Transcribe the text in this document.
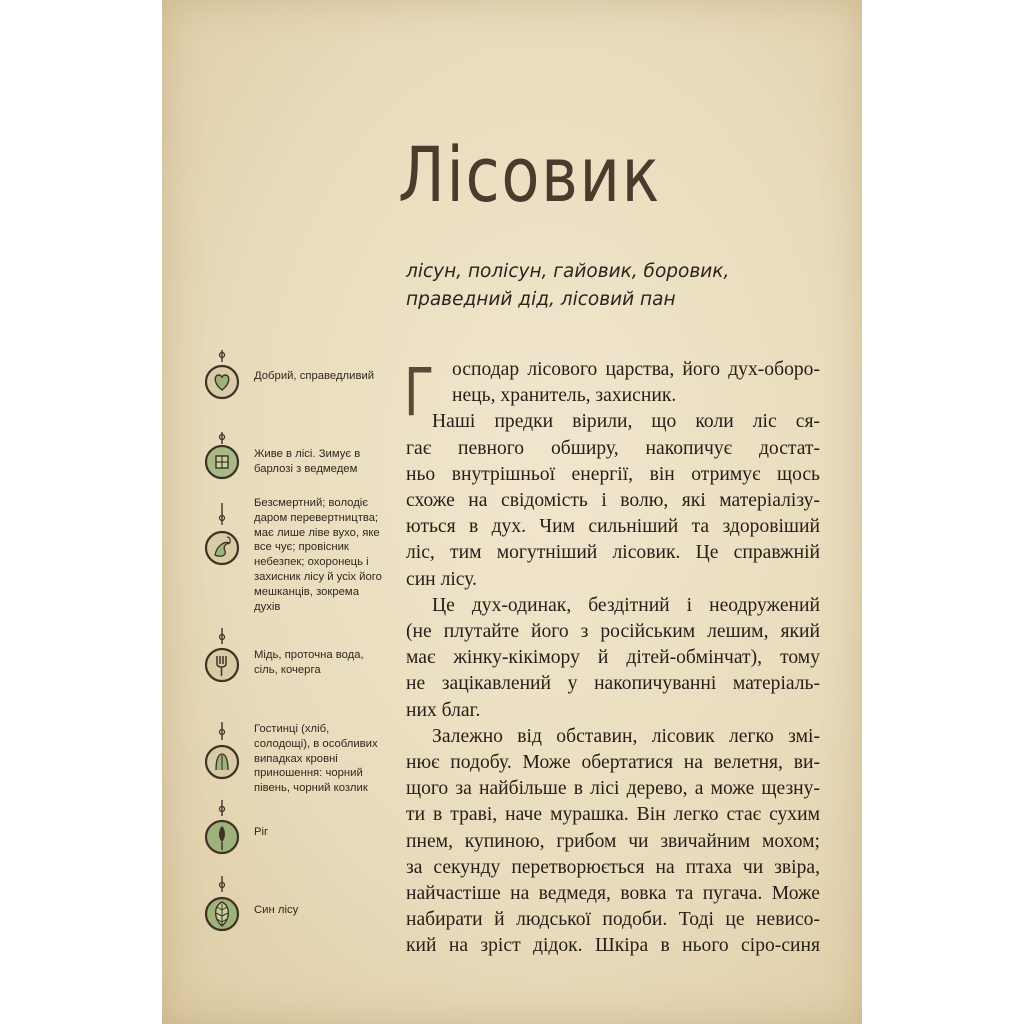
Лісовик
лісун, полісун, гайовик, боровик, праведний дід, лісовий пан
Г осподар лісового царства, його дух-оборо-
нець, хранитель, захисник.
Наші предки вірили, що коли ліс ся-
гає певного обширу, накопичує достат-
ньо внутрішньої енергії, він отримує щось
схоже на свідомість і волю, які матеріалізу-
ються в дух. Чим сильніший та здоровіший
ліс, тим могутніший лісовик. Це справжній
син лісу.
Це дух-одинак, бездітний і неодружений
(не плутайте його з російським лешим, який
має жінку-кікімору й дітей-обмінчат), тому
не зацікавлений у накопичуванні матеріаль-
них благ.
Залежно від обставин, лісовик легко змі-
нює подобу. Може обертатися на велетня, ви-
щого за найбільше в лісі дерево, а може щезну-
ти в траві, наче мурашка. Він легко стає сухим
пнем, купиною, грибом чи звичайним мохом;
за секунду перетворюється на птаха чи звіра,
найчастіше на ведмедя, вовка та пугача. Може
набирати й людської подоби. Тоді це невисо-
кий на зріст дідок. Шкіра в нього сіро-синя
Добрий, справедливий
Живе в лісі. Зимує в барлозі з ведмедем
Безсмертний; володіє даром перевертництва; має лише ліве вухо, яке все чує; провісник небезпек; охоронець і захисник лісу й усіх його мешканців, зокрема духів
Мідь, проточна вода, сіль, кочерга
Гостинці (хліб, солодощі), в особливих випадках кровні приношення: чорний півень, чорний козлик
Ріг
Син лісу
